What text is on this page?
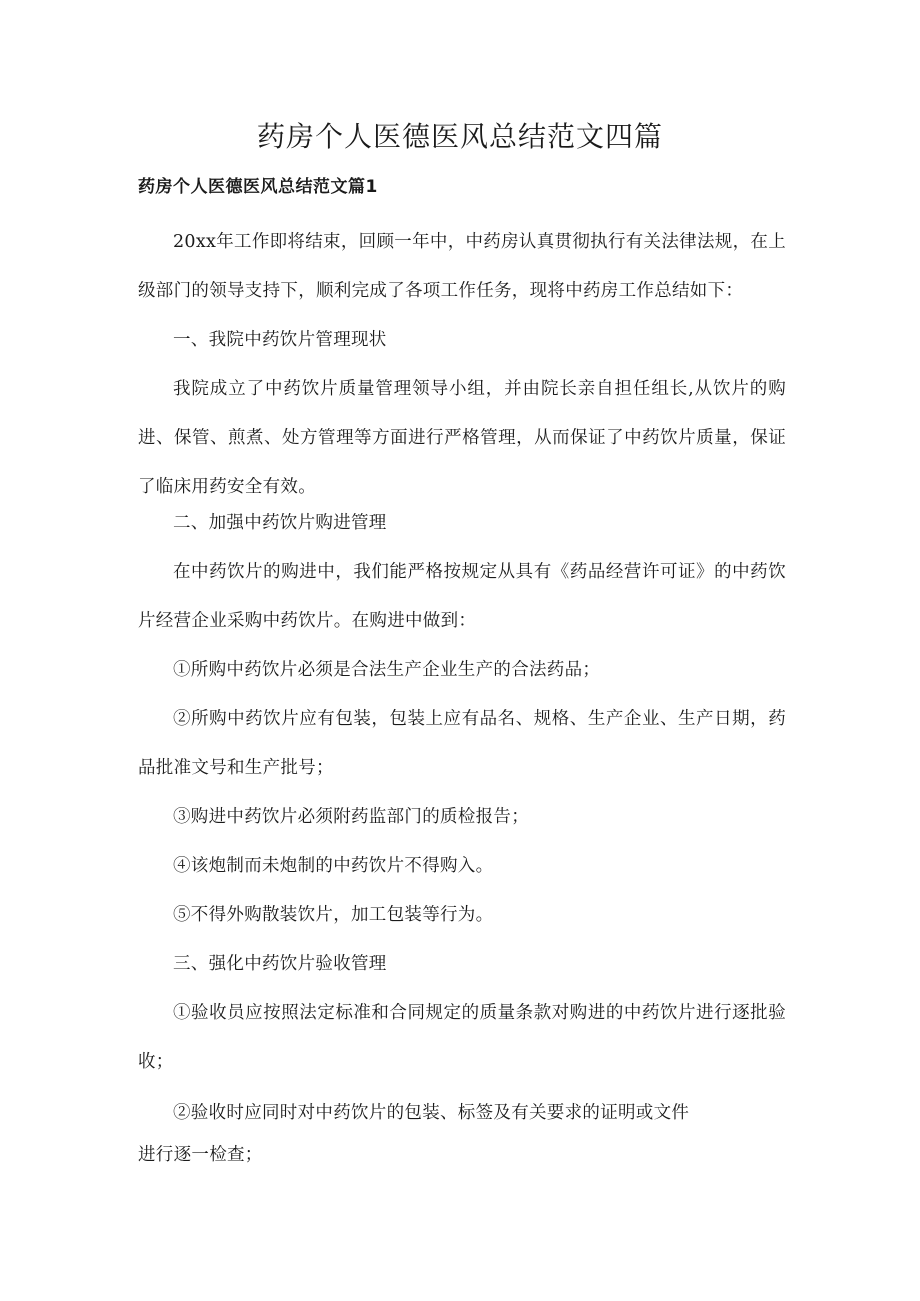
药房个人医德医风总结范文四篇
药房个人医德医风总结范文篇1
20xx年工作即将结束，回顾一年中，中药房认真贯彻执行有关法律法规，在上级部门的领导支持下，顺利完成了各项工作任务，现将中药房工作总结如下：
一、我院中药饮片管理现状
我院成立了中药饮片质量管理领导小组，并由院长亲自担任组长,从饮片的购进、保管、煎煮、处方管理等方面进行严格管理，从而保证了中药饮片质量，保证了临床用药安全有效。
二、加强中药饮片购进管理
在中药饮片的购进中，我们能严格按规定从具有《药品经营许可证》的中药饮片经营企业采购中药饮片。在购进中做到：
①所购中药饮片必须是合法生产企业生产的合法药品；
②所购中药饮片应有包装，包装上应有品名、规格、生产企业、生产日期，药品批准文号和生产批号；
③购进中药饮片必须附药监部门的质检报告；
④该炮制而未炮制的中药饮片不得购入。
⑤不得外购散装饮片，加工包装等行为。
三、强化中药饮片验收管理
①验收员应按照法定标准和合同规定的质量条款对购进的中药饮片进行逐批验收；
②验收时应同时对中药饮片的包装、标签及有关要求的证明或文件
进行逐一检查；
